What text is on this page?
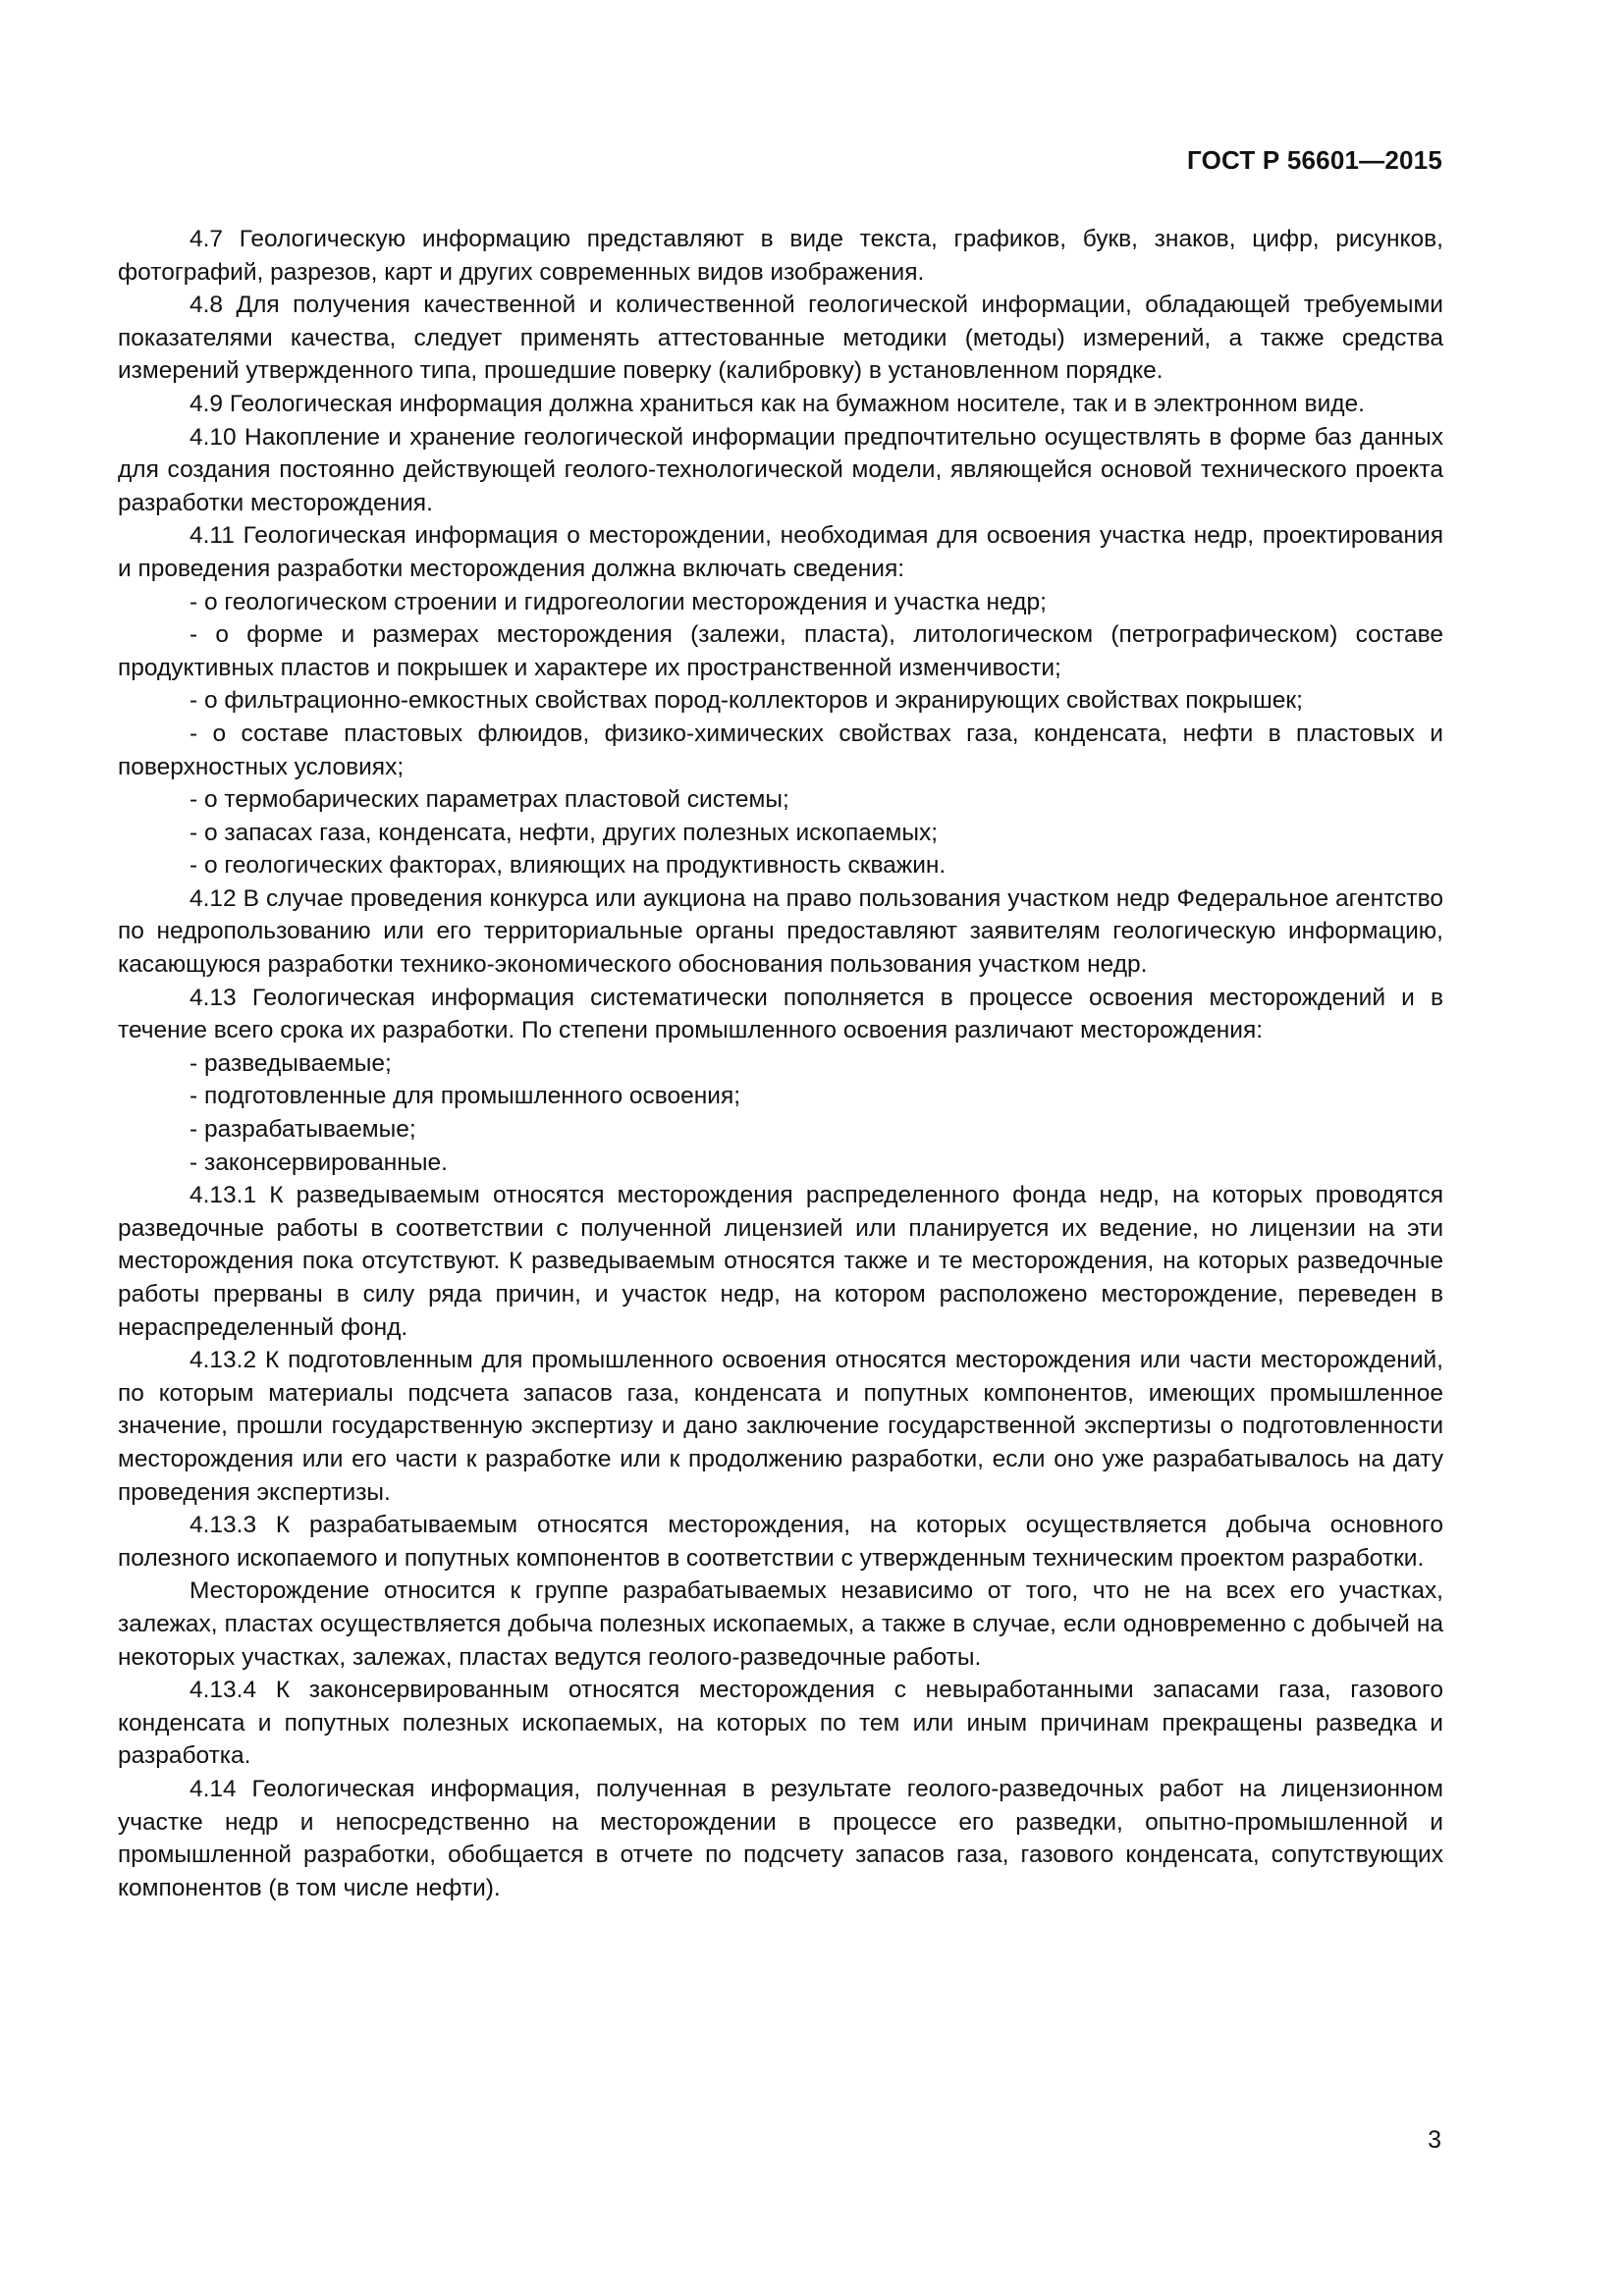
ГОСТ Р 56601—2015

4.7 Геологическую информацию представляют в виде текста, графиков, букв, знаков, цифр, рисунков, фотографий, разрезов, карт и других современных видов изображения.

4.8 Для получения качественной и количественной геологической информации, обладающей требуемыми показателями качества, следует применять аттестованные методики (методы) измерений, а также средства измерений утвержденного типа, прошедшие поверку (калибровку) в установленном порядке.

4.9 Геологическая информация должна храниться как на бумажном носителе, так и в электронном виде.

4.10 Накопление и хранение геологической информации предпочтительно осуществлять в форме баз данных для создания постоянно действующей геолого-технологической модели, являющейся основой технического проекта разработки месторождения.

4.11 Геологическая информация о месторождении, необходимая для освоения участка недр, проектирования и проведения разработки месторождения должна включать сведения:

- о геологическом строении и гидрогеологии месторождения и участка недр;

- о форме и размерах месторождения (залежи, пласта), литологическом (петрографическом) составе продуктивных пластов и покрышек и характере их пространственной изменчивости;

- о фильтрационно-емкостных свойствах пород-коллекторов и экранирующих свойствах покрышек;

- о составе пластовых флюидов, физико-химических свойствах газа, конденсата, нефти в пластовых и поверхностных условиях;

- о термобарических параметрах пластовой системы;

- о запасах газа, конденсата, нефти, других полезных ископаемых;

- о геологических факторах, влияющих на продуктивность скважин.

4.12 В случае проведения конкурса или аукциона на право пользования участком недр Федеральное агентство по недропользованию или его территориальные органы предоставляют заявителям геологическую информацию, касающуюся разработки технико-экономического обоснования пользования участком недр.

4.13 Геологическая информация систематически пополняется в процессе освоения месторождений и в течение всего срока их разработки. По степени промышленного освоения различают месторождения:

- разведываемые;

- подготовленные для промышленного освоения;

- разрабатываемые;

- законсервированные.

4.13.1 К разведываемым относятся месторождения распределенного фонда недр, на которых проводятся разведочные работы в соответствии с полученной лицензией или планируется их ведение, но лицензии на эти месторождения пока отсутствуют. К разведываемым относятся также и те месторождения, на которых разведочные работы прерваны в силу ряда причин, и участок недр, на котором расположено месторождение, переведен в нераспределенный фонд.

4.13.2 К подготовленным для промышленного освоения относятся месторождения или части месторождений, по которым материалы подсчета запасов газа, конденсата и попутных компонентов, имеющих промышленное значение, прошли государственную экспертизу и дано заключение государственной экспертизы о подготовленности месторождения или его части к разработке или к продолжению разработки, если оно уже разрабатывалось на дату проведения экспертизы.

4.13.3 К разрабатываемым относятся месторождения, на которых осуществляется добыча основного полезного ископаемого и попутных компонентов в соответствии с утвержденным техническим проектом разработки.

Месторождение относится к группе разрабатываемых независимо от того, что не на всех его участках, залежах, пластах осуществляется добыча полезных ископаемых, а также в случае, если одновременно с добычей на некоторых участках, залежах, пластах ведутся геолого-разведочные работы.

4.13.4 К законсервированным относятся месторождения с невыработанными запасами газа, газового конденсата и попутных полезных ископаемых, на которых по тем или иным причинам прекращены разведка и разработка.

4.14 Геологическая информация, полученная в результате геолого-разведочных работ на лицензионном участке недр и непосредственно на месторождении в процессе его разведки, опытно-промышленной и промышленной разработки, обобщается в отчете по подсчету запасов газа, газового конденсата, сопутствующих компонентов (в том числе нефти).

3
